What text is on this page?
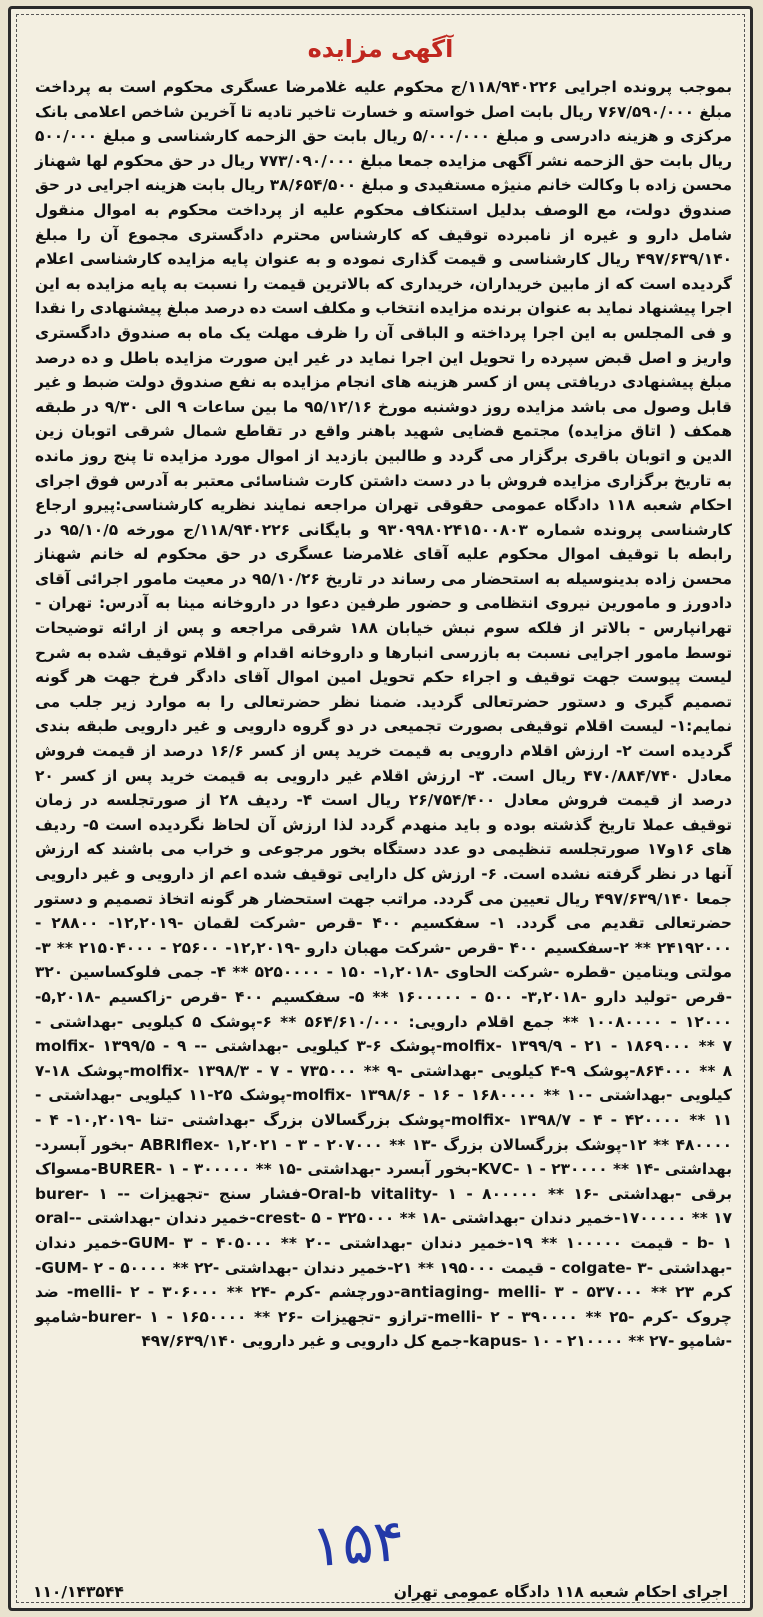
آگهی مزایده
بموجب پرونده اجرایی ۱۱۸/۹۴۰۲۲۶/ج محکوم علیه غلامرضا عسگری محکوم است به پرداخت مبلغ ۷۶۷/۵۹۰/۰۰۰ ریال بابت اصل خواسته و خسارت تاخیر تادیه تا آخرین شاخص اعلامی بانک مرکزی و هزینه دادرسی و مبلغ ۵/۰۰۰/۰۰۰ ریال بابت حق الزحمه کارشناسی و مبلغ ۵۰۰/۰۰۰ ریال بابت حق الزحمه نشر آگهی مزایده جمعا مبلغ ۷۷۳/۰۹۰/۰۰۰ ریال در حق محکوم لها شهناز محسن زاده با وکالت خانم منیژه مستفیدی و مبلغ ۳۸/۶۵۴/۵۰۰ ریال بابت هزینه اجرایی در حق صندوق دولت، مع الوصف بدلیل استنکاف محکوم علیه از پرداخت محکوم به اموال منقول شامل دارو و غیره از نامبرده توقیف که کارشناس محترم دادگستری مجموع آن را مبلغ ۴۹۷/۶۳۹/۱۴۰ ریال کارشناسی و قیمت گذاری نموده و به عنوان پایه مزایده کارشناسی اعلام گردیده است که از مابین خریداران، خریداری که بالاترین قیمت را نسبت به پایه مزایده به این اجرا پیشنهاد نماید به عنوان برنده مزایده انتخاب و مکلف است ده درصد مبلغ پیشنهادی را نقدا و فی المجلس به این اجرا پرداخته و الباقی آن را ظرف مهلت یک ماه به صندوق دادگستری واریز و اصل قبض سپرده را تحویل این اجرا نماید در غیر این صورت مزایده باطل و ده درصد مبلغ پیشنهادی دریافتی پس از کسر هزینه های انجام مزایده به نفع صندوق دولت ضبط و غیر قابل وصول می باشد مزایده روز دوشنبه مورخ ۹۵/۱۲/۱۶ ما بین ساعات ۹ الی ۹/۳۰ در طبقه همکف ( اتاق مزایده) مجتمع قضایی شهید باهنر واقع در تقاطع شمال شرقی اتوبان زین الدین و اتوبان باقری برگزار می گردد و طالبین بازدید از اموال مورد مزایده تا پنج روز مانده به تاریخ برگزاری مزایده فروش با در دست داشتن کارت شناسائی معتبر به آدرس فوق اجرای احکام شعبه ۱۱۸ دادگاه عمومی حقوقی تهران مراجعه نمایند نظریه کارشناسی:پیرو ارجاع کارشناسی پرونده شماره ۹۳۰۹۹۸۰۲۴۱۵۰۰۸۰۳ و بایگانی ۱۱۸/۹۴۰۲۲۶/ج مورخه ۹۵/۱۰/۵ در رابطه با توقیف اموال محکوم علیه آقای غلامرضا عسگری در حق محکوم له خانم شهناز محسن زاده بدینوسیله به استحضار می رساند در تاریخ ۹۵/۱۰/۲۶ در معیت مامور اجرائی آقای دادورز و مامورین نیروی انتظامی و حضور طرفین دعوا در داروخانه مینا به آدرس: تهران - تهرانپارس - بالاتر از فلکه سوم نبش خیابان ۱۸۸ شرقی مراجعه و پس از ارائه توضیحات توسط مامور اجرایی نسبت به بازرسی انبارها و داروخانه اقدام و اقلام توقیف شده به شرح لیست پیوست جهت توقیف و اجراء حکم تحویل امین اموال آقای دادگر فرخ جهت هر گونه تصمیم گیری و دستور حضرتعالی گردید. ضمنا نظر حضرتعالی را به موارد زیر جلب می نمایم:۱- لیست اقلام توقیفی بصورت تجمیعی در دو گروه دارویی و غیر دارویی طبقه بندی گردیده است ۲- ارزش اقلام دارویی به قیمت خرید پس از کسر ۱۶/۶ درصد از قیمت فروش معادل ۴۷۰/۸۸۴/۷۴۰ ریال است. ۳- ارزش اقلام غیر دارویی به قیمت خرید پس از کسر ۲۰ درصد از قیمت فروش معادل ۲۶/۷۵۴/۴۰۰ ریال است ۴- ردیف ۲۸ از صورتجلسه در زمان توقیف عملا تاریخ گذشته بوده و باید منهدم گردد لذا ارزش آن لحاظ نگردیده است ۵- ردیف های ۱۶و۱۷ صورتجلسه تنظیمی دو عدد دستگاه بخور مرجوعی و خراب می باشند که ارزش آنها در نظر گرفته نشده است. ۶- ارزش کل دارایی توقیف شده اعم از دارویی و غیر دارویی جمعا ۴۹۷/۶۳۹/۱۴۰ ریال تعیین می گردد. مراتب جهت استحضار هر گونه اتخاذ تصمیم و دستور حضرتعالی تقدیم می گردد. ۱- سفکسیم ۴۰۰ -قرص -شرکت لقمان -۱۲,۲۰۱۹- ۲۸۸۰۰ - ۲۴۱۹۲۰۰۰ ** ۲-سفکسیم ۴۰۰ -قرص -شرکت مهبان دارو -۱۲,۲۰۱۹- ۲۵۶۰۰ - ۲۱۵۰۴۰۰۰ ** ۳- مولتی ویتامین -قطره -شرکت الحاوی -۱,۲۰۱۸- ۱۵۰ - ۵۲۵۰۰۰۰ ** ۴- جمی فلوکساسین ۳۲۰ -قرص -تولید دارو -۳,۲۰۱۸- ۵۰۰ - ۱۶۰۰۰۰۰ ** ۵- سفکسیم ۴۰۰ -قرص -زاکسیم -۵,۲۰۱۸- ۱۲۰۰۰ - ۱۰۰۸۰۰۰۰ ** جمع اقلام دارویی: ۵۶۴/۶۱۰/۰۰۰ ** ۶-پوشک ۵ کیلویی -بهداشتی -molfix- ۱۳۹۹/۹ - ۲۱ - ۱۸۶۹۰۰۰ ** ۷-پوشک ۶-۳ کیلویی -بهداشتی -molfix- ۱۳۹۹/۵ - ۹ - ۸۶۴۰۰۰ ** ۸-پوشک ۹-۴ کیلویی -بهداشتی -molfix- ۱۳۹۸/۳ - ۷ - ۷۳۵۰۰۰ ** ۹-پوشک ۱۸-۷ کیلویی -بهداشتی -molfix- ۱۳۹۸/۶ - ۱۶ - ۱۶۸۰۰۰۰ ** ۱۰-پوشک ۲۵-۱۱ کیلویی -بهداشتی -molfix- ۱۳۹۸/۷ - ۴ - ۴۲۰۰۰۰ ** ۱۱-پوشک بزرگسالان بزرگ -بهداشتی -تنا -۱۰,۲۰۱۹- ۴ - ۴۸۰۰۰۰ ** ۱۲-پوشک بزرگسالان بزرگ -ABRIflex- ۱,۲۰۲۱ - ۳ - ۲۰۷۰۰۰ ** ۱۳ -بخور آبسرد-بهداشتی -KVC- ۱ - ۲۳۰۰۰۰ ** ۱۴-بخور آبسرد -بهداشتی -BURER- ۱ - ۳۰۰۰۰۰ ** ۱۵-مسواک برقی -بهداشتی -Oral-b vitality- ۱ - ۸۰۰۰۰۰ ** ۱۶-فشار سنج -تجهیزات -burer- ۱ - ۱۷۰۰۰۰۰ ** ۱۷-خمیر دندان -بهداشتی -crest- ۵ - ۳۲۵۰۰۰ ** ۱۸-خمیر دندان -بهداشتی -oral-b- ۱ - قیمت ۱۰۰۰۰۰ ** ۱۹-خمیر دندان -بهداشتی -GUM- ۳ - ۴۰۵۰۰۰ ** ۲۰-خمیر دندان -بهداشتی -colgate- ۳ - قیمت ۱۹۵۰۰۰ ** ۲۱-خمیر دندان -بهداشتی -GUM- ۲ - ۵۰۰۰۰ ** ۲۲-کرم antiaging- melli- ۳ - ۵۳۷۰۰۰ ** ۲۳-دورچشم -کرم -melli- ۲ - ۳۰۶۰۰۰ ** ۲۴- ضد چروک -کرم -melli- ۲ - ۳۹۰۰۰۰ ** ۲۵-ترازو -تجهیزات -burer- ۱ - ۱۶۵۰۰۰۰ ** ۲۶-شامپو -شامپو -kapus- ۱۰ - ۲۱۰۰۰۰ ** ۲۷-جمع کل دارویی و غیر دارویی ۴۹۷/۶۳۹/۱۴۰
۱۵۴
اجرای احکام شعبه ۱۱۸ دادگاه عمومی تهران
۱۱۰/۱۴۳۵۴۴
